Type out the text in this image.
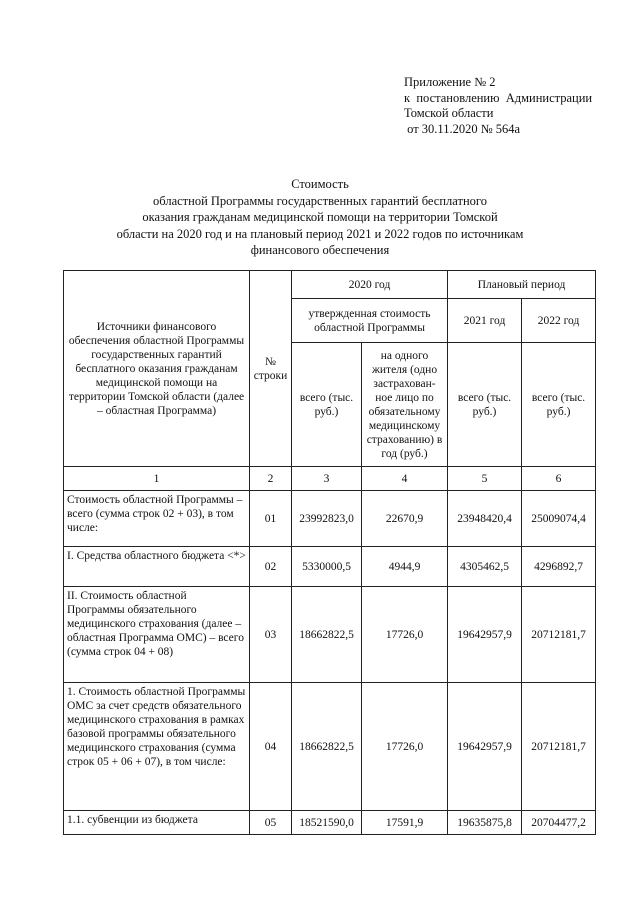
Приложение № 2
к  постановлению  Администрации
Томской области
от 30.11.2020 № 564а
Стоимость
областной Программы государственных гарантий бесплатного
оказания гражданам медицинской помощи на территории Томской
области на 2020 год и на плановый период 2021 и 2022 годов по источникам
финансового обеспечения
Источники финансового обеспечения областной Программы государственных гарантий бесплатного оказания гражданам медицинской помощи на территории Томской области (далее – областная Программа)	№ строки	2020 год		Плановый период	
		утвержденная стоимость областной Программы		2021 год	2022 год
		всего (тыс. руб.)	на одного жителя (одно застрахован-ное лицо по обязательному медицинскому страхованию) в год (руб.)	всего (тыс. руб.)	всего (тыс. руб.)
1	2	3	4	5	6
Стоимость областной Программы – всего (сумма строк 02 + 03), в том числе:	01	23992823,0	22670,9	23948420,4	25009074,4
I. Средства областного бюджета <*>	02	5330000,5	4944,9	4305462,5	4296892,7
II. Стоимость областной Программы обязательного медицинского страхования (далее – областная Программа ОМС) – всего (сумма строк 04 + 08)	03	18662822,5	17726,0	19642957,9	20712181,7
1. Стоимость областной Программы ОМС за счет средств обязательного медицинского страхования в рамках базовой программы обязательного медицинского страхования (сумма строк 05 + 06 + 07), в том числе:	04	18662822,5	17726,0	19642957,9	20712181,7
1.1. субвенции из бюджета	05	18521590,0	17591,9	19635875,8	20704477,2
